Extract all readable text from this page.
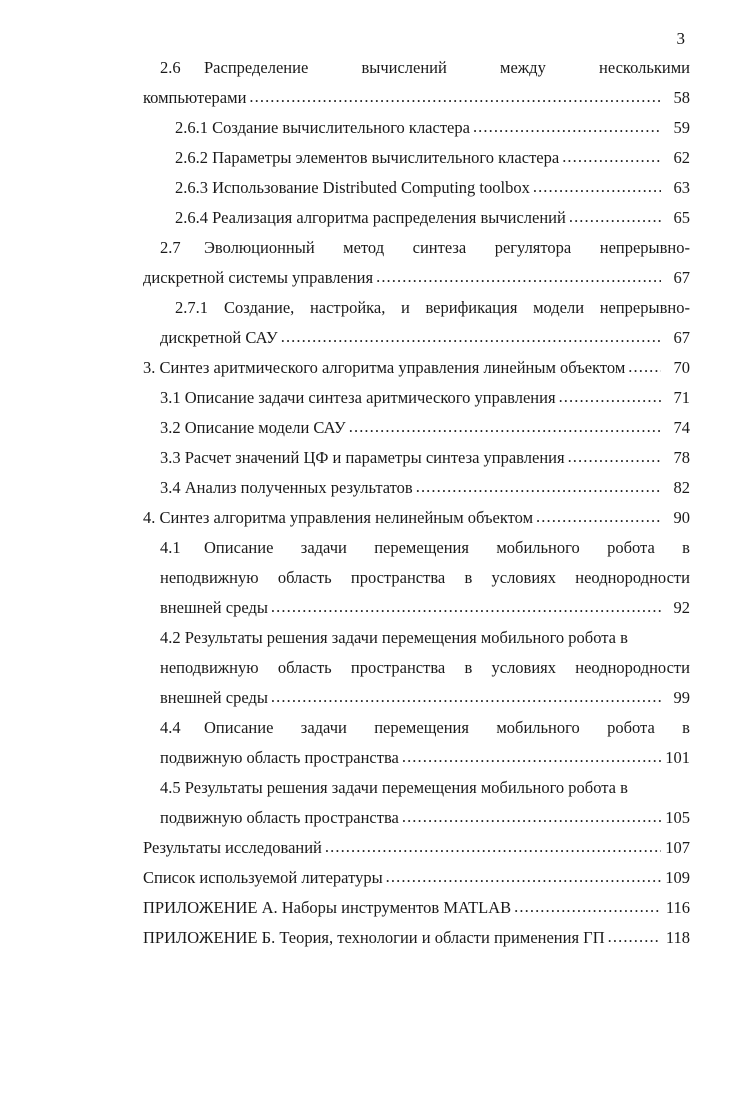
3
2.6	Распределение	вычислений	между	несколькими
компьютерами .....	58
2.6.1 Создание вычислительного кластера .....	59
2.6.2 Параметры элементов вычислительного кластера .....	62
2.6.3 Использование Distributed Computing toolbox .....	63
2.6.4 Реализация алгоритма распределения вычислений .....	65
2.7	Эволюционный метод синтеза регулятора непрерывно-
дискретной системы управления .....	67
2.7.1 Создание, настройка, и верификация модели непрерывно-
дискретной САУ .....	67
3. Синтез аритмического алгоритма управления линейным объектом .....	70
3.1 Описание задачи синтеза аритмического управления .....	71
3.2 Описание модели САУ .....	74
3.3 Расчет значений ЦФ и параметры синтеза управления .....	78
3.4 Анализ полученных результатов .....	82
4. Синтез алгоритма управления нелинейным объектом .....	90
4.1	Описание задачи перемещения мобильного робота в
неподвижную область пространства в условиях неоднородности
внешней среды .....	92
4.2 Результаты решения задачи перемещения мобильного робота в
неподвижную область пространства в условиях неоднородности
внешней среды .....	99
4.4	Описание задачи перемещения мобильного робота в
подвижную область пространства .....	101
4.5 Результаты решения задачи перемещения мобильного робота в
подвижную область пространства .....	105
Результаты исследований .....	107
Список используемой литературы .....	109
ПРИЛОЖЕНИЕ А. Наборы инструментов MATLAB .....	116
ПРИЛОЖЕНИЕ Б. Теория, технологии и области применения ГП .....	118
